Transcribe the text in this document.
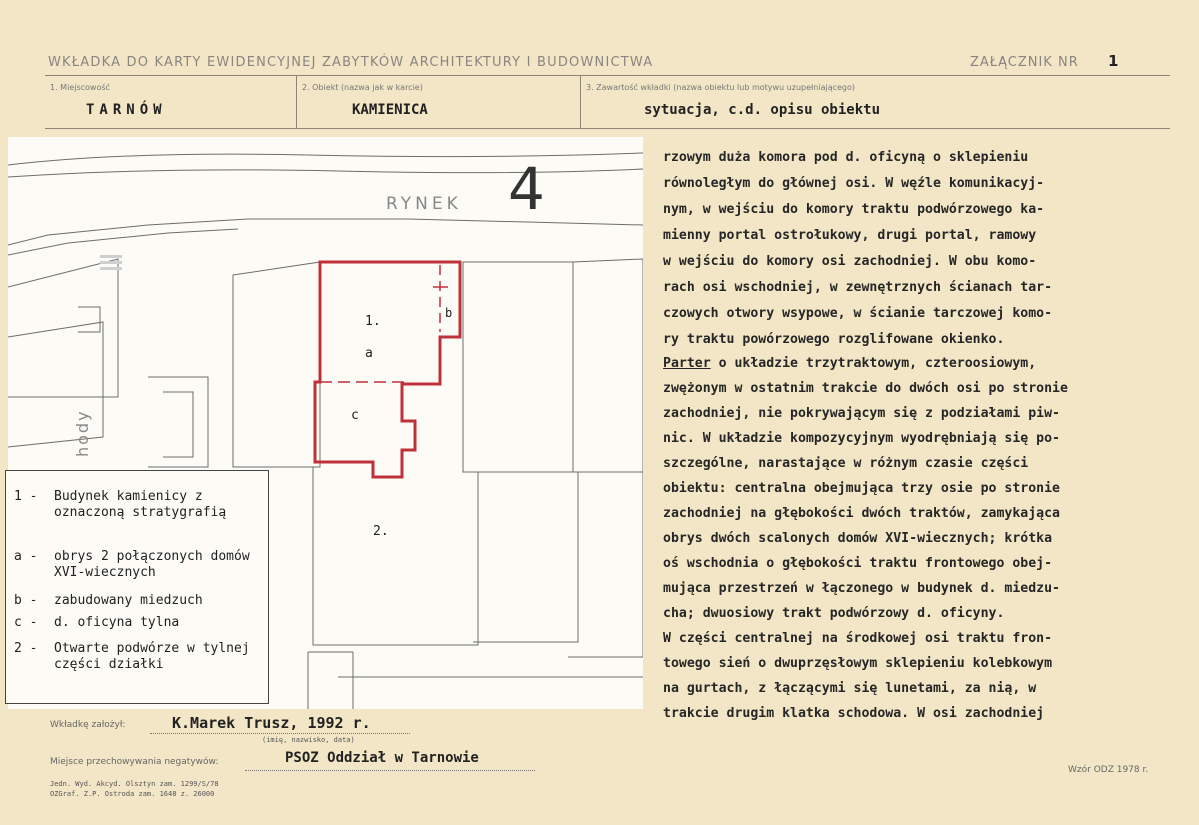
WKŁADKA DO KARTY EWIDENCYJNEJ ZABYTKÓW ARCHITEKTURY I BUDOWNICTWA	ZAŁĄCZNIK NR 1
1. Miejscowość
TARNÓW
2. Obiekt (nazwa jak w karcie)
KAMIENICA
3. Zawartość wkładki (nazwa obiektu lub motywu uzupełniającego)
sytuacja, c.d. opisu obiektu
4
RYNEK
hody
1.
a
b
c
2.
1 -	Budynek kamienicy z oznaczoną stratygrafią
a -	obrys 2 połączonych domów XVI-wiecznych
b -	zabudowany miedzuch
c -	d. oficyna tylna
2 -	Otwarte podwórze w tylnej części działki
rzowym duża komora pod d. oficyną o sklepieniu
równoległym do głównej osi. W węźle komunikacyj-
nym, w wejściu do komory traktu podwórzowego ka-
mienny portal ostrołukowy, drugi portal, ramowy
w wejściu do komory osi zachodniej. W obu komo-
rach osi wschodniej, w zewnętrznych ścianach tar-
czowych otwory wsypowe, w ścianie tarczowej komo-
ry traktu powórzowego rozglifowane okienko.
Parter o układzie trzytraktowym, czteroosiowym,
zwężonym w ostatnim trakcie do dwóch osi po stronie
zachodniej, nie pokrywającym się z podziałami piw-
nic. W układzie kompozycyjnym wyodrębniają się po-
szczególne, narastające w różnym czasie części
obiektu: centralna obejmująca trzy osie po stronie
zachodniej na głębokości dwóch traktów, zamykająca
obrys dwóch scalonych domów XVI-wiecznych; krótka
oś wschodnia o głębokości traktu frontowego obej-
mująca przestrzeń w łączonego w budynek d. miedzu-
cha; dwuosiowy trakt podwórzowy d. oficyny.
W części centralnej na środkowej osi traktu fron-
towego sień o dwuprzęsłowym sklepieniu kolebkowym
na gurtach, z łączącymi się lunetami, za nią, w
trakcie drugim klatka schodowa. W osi zachodniej
Wkładkę założył:	K.Marek Trusz, 1992 r.
(imię, nazwisko, data)
Miejsce przechowywania negatywów:	PSOZ Oddział w Tarnowie
Jedn. Wyd. Akcyd. Olsztyn zam. 1299/S/78
OZGraf. Z.P. Ostroda zam. 1648 z. 26000
Wzór ODZ 1978 r.
